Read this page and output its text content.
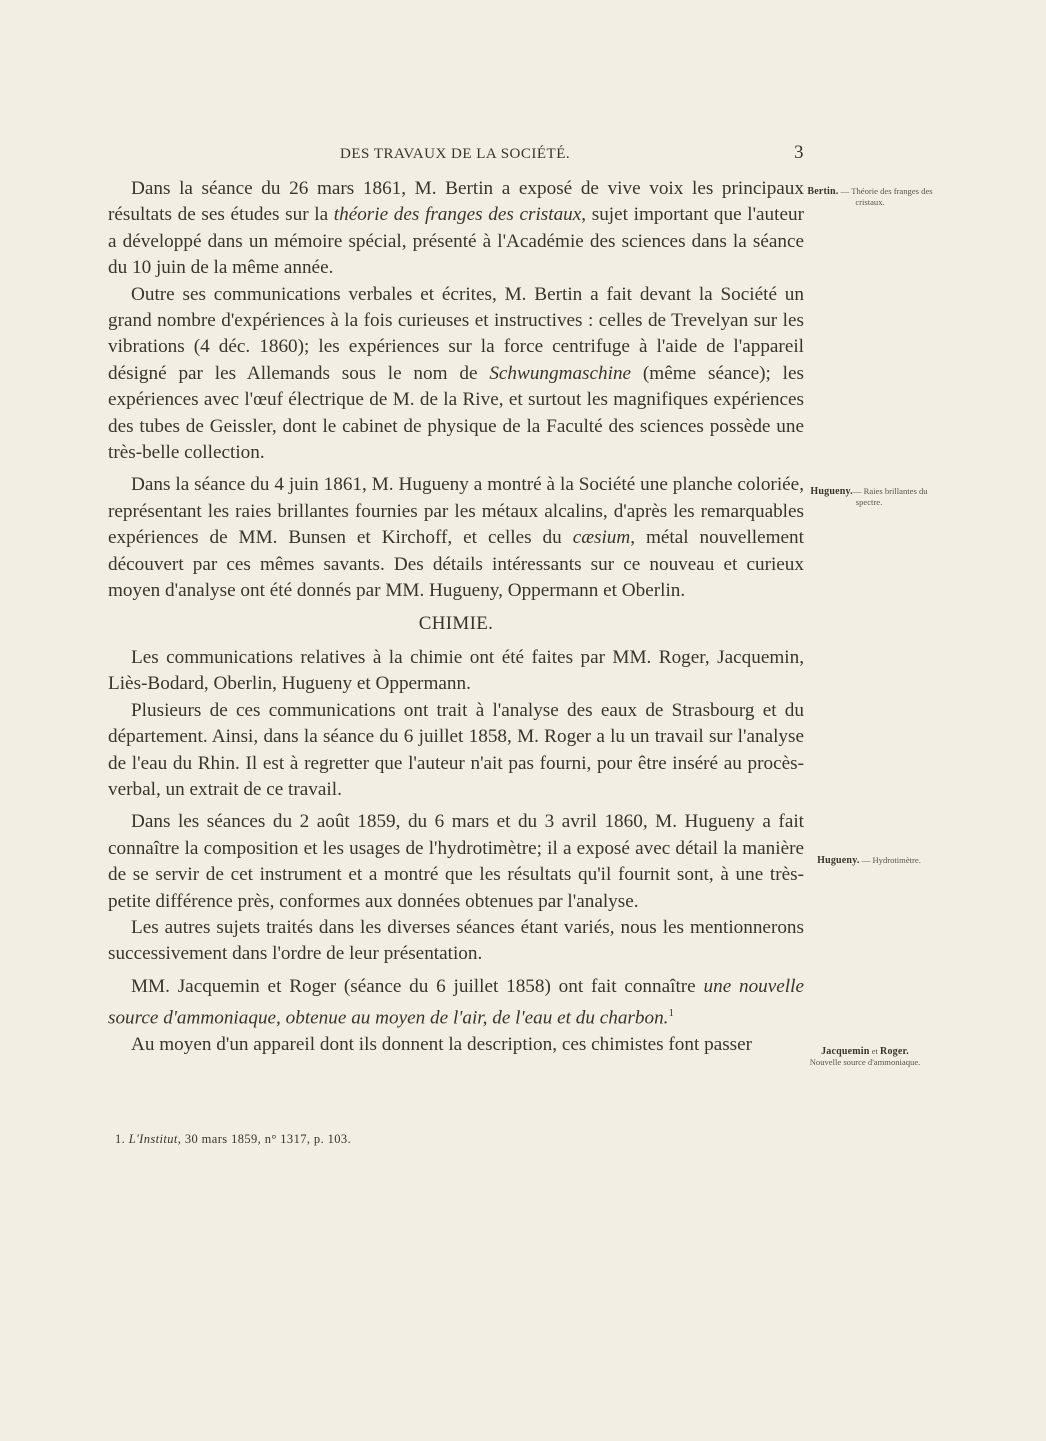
DES TRAVAUX DE LA SOCIÉTÉ.	3

Dans la séance du 26 mars 1861, M. Bertin a exposé de vive voix les principaux résultats de ses études sur la théorie des franges des cristaux, sujet important que l'auteur a développé dans un mémoire spécial, présenté à l'Académie des sciences dans la séance du 10 juin de la même année.

Outre ses communications verbales et écrites, M. Bertin a fait devant la Société un grand nombre d'expériences à la fois curieuses et instructives : celles de Trevelyan sur les vibrations (4 déc. 1860); les expériences sur la force centrifuge à l'aide de l'appareil désigné par les Allemands sous le nom de Schwungmaschine (même séance); les expériences avec l'œuf électrique de M. de la Rive, et surtout les magnifiques expériences des tubes de Geissler, dont le cabinet de physique de la Faculté des sciences possède une très-belle collection.

Dans la séance du 4 juin 1861, M. Hugueny a montré à la Société une planche coloriée, représentant les raies brillantes fournies par les métaux alcalins, d'après les remarquables expériences de MM. Bunsen et Kirchoff, et celles du cæsium, métal nouvellement découvert par ces mêmes savants. Des détails intéressants sur ce nouveau et curieux moyen d'analyse ont été donnés par MM. Hugueny, Oppermann et Oberlin.

CHIMIE.

Les communications relatives à la chimie ont été faites par MM. Roger, Jacquemin, Liès-Bodard, Oberlin, Hugueny et Oppermann.

Plusieurs de ces communications ont trait à l'analyse des eaux de Strasbourg et du département. Ainsi, dans la séance du 6 juillet 1858, M. Roger a lu un travail sur l'analyse de l'eau du Rhin. Il est à regretter que l'auteur n'ait pas fourni, pour être inséré au procès-verbal, un extrait de ce travail.

Dans les séances du 2 août 1859, du 6 mars et du 3 avril 1860, M. Hugueny a fait connaître la composition et les usages de l'hydrotimètre; il a exposé avec détail la manière de se servir de cet instrument et a montré que les résultats qu'il fournit sont, à une très-petite différence près, conformes aux données obtenues par l'analyse.

Les autres sujets traités dans les diverses séances étant variés, nous les mentionnerons successivement dans l'ordre de leur présentation.

MM. Jacquemin et Roger (séance du 6 juillet 1858) ont fait connaître une nouvelle source d'ammoniaque, obtenue au moyen de l'air, de l'eau et du charbon.$^1$

Au moyen d'un appareil dont ils donnent la description, ces chimistes font passer

Bertin. — Théorie des franges des cristaux.
Hugueny.— Raies brillantes du spectre.
Hugueny. — Hydrotimètre.
Jacquemin et Roger. Nouvelle source d'ammoniaque.
1. L'Institut, 30 mars 1859, n° 1317, p. 103.
